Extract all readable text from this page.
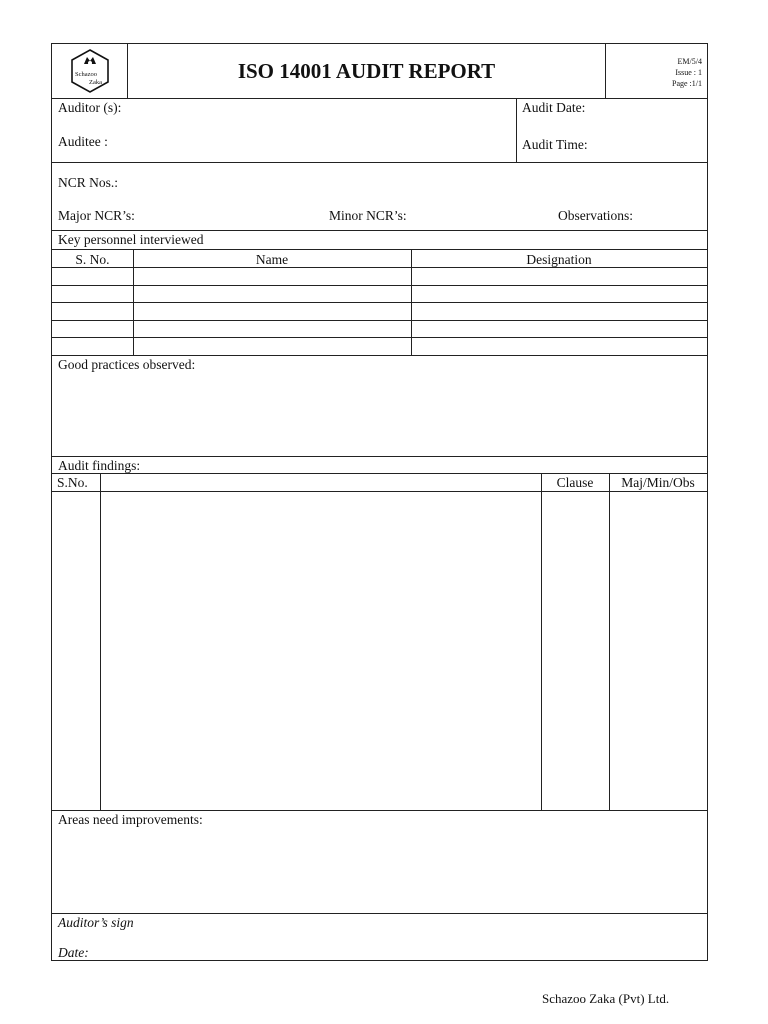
Schazoo
Zaka	ISO 14001 AUDIT REPORT	EM/5/4
Issue : 1
Page :1/1
Auditor (s):
Auditee :
Audit Date:
Audit Time:
NCR Nos.:
Major NCR’s:	Minor NCR’s:	Observations:
Key personnel interviewed
S. No.	Name	Designation
Good practices observed:
Audit findings:
S.No.	Clause	Maj/Min/Obs
Areas need improvements:
Auditor’s sign
Date:
Schazoo Zaka (Pvt) Ltd.
